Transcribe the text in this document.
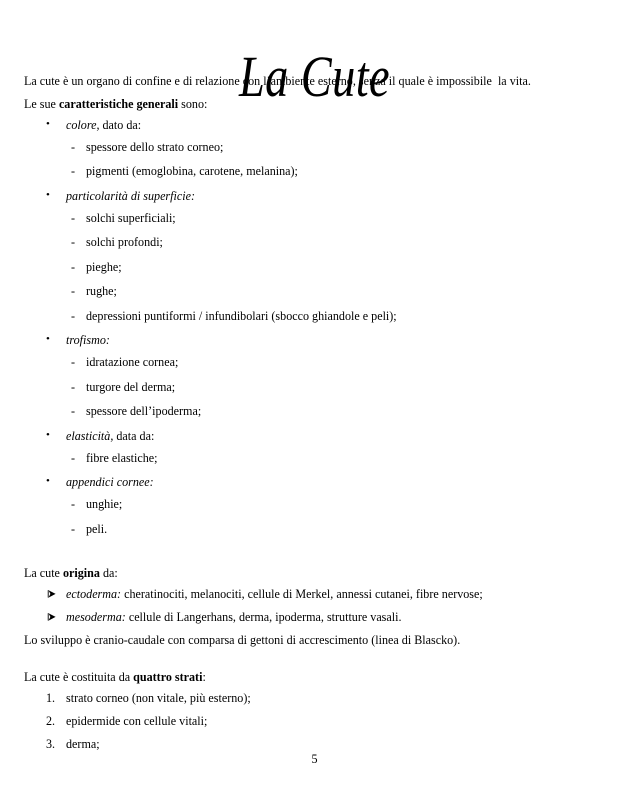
La Cute

La cute è un organo di confine e di relazione con l’ambiente esterno, senza il quale è impossibile  la vita.

Le sue caratteristiche generali sono:

• colore, dato da:
- spessore dello strato corneo;
- pigmenti (emoglobina, carotene, melanina);
• particolarità di superficie:
- solchi superficiali;
- solchi profondi;
- pieghe;
- rughe;
- depressioni puntiformi / infundibolari (sbocco ghiandole e peli);
• trofismo:
- idratazione cornea;
- turgore del derma;
- spessore dell’ipoderma;
• elasticità, data da:
- fibre elastiche;
• appendici cornee:
- unghie;
- peli.

La cute origina da:

ectoderma: cheratinociti, melanociti, cellule di Merkel, annessi cutanei, fibre nervose;
mesoderma: cellule di Langerhans, derma, ipoderma, strutture vasali.

Lo sviluppo è cranio-caudale con comparsa di gettoni di accrescimento (linea di Blascko).

La cute è costituita da quattro strati:

1. strato corneo (non vitale, più esterno);
2. epidermide con cellule vitali;
3. derma;
5
